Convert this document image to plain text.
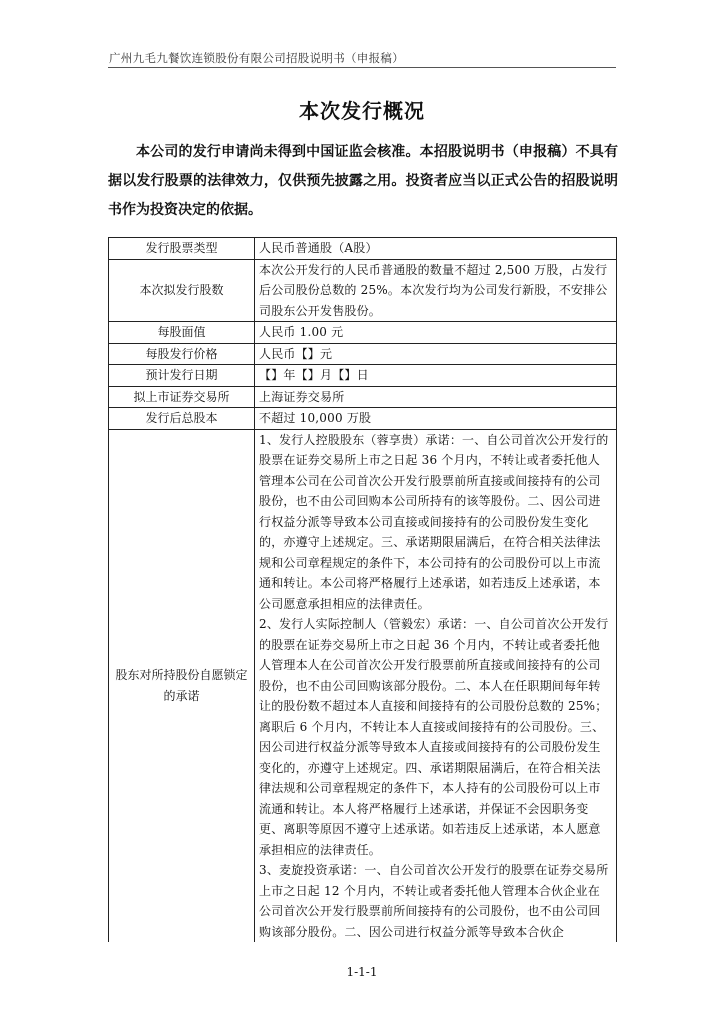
广州九毛九餐饮连锁股份有限公司招股说明书（申报稿）
本次发行概况

本公司的发行申请尚未得到中国证监会核准。本招股说明书（申报稿）不具有据以发行股票的法律效力，仅供预先披露之用。投资者应当以正式公告的招股说明书作为投资决定的依据。

发行股票类型	人民币普通股（A股）
本次拟发行股数	本次公开发行的人民币普通股的数量不超过 2,500 万股，占发行后公司股份总数的 25%。本次发行均为公司发行新股，不安排公司股东公开发售股份。
每股面值	人民币 1.00 元
每股发行价格	人民币【】元
预计发行日期	【】年【】月【】日
拟上市证券交易所	上海证券交易所
发行后总股本	不超过 10,000 万股
股东对所持股份自愿锁定的承诺	1、发行人控股股东（蓉享贵）承诺：一、自公司首次公开发行的股票在证券交易所上市之日起 36 个月内，不转让或者委托他人管理本公司在公司首次公开发行股票前所直接或间接持有的公司股份，也不由公司回购本公司所持有的该等股份。二、因公司进行权益分派等导致本公司直接或间接持有的公司股份发生变化的，亦遵守上述规定。三、承诺期限届满后，在符合相关法律法规和公司章程规定的条件下，本公司持有的公司股份可以上市流通和转让。本公司将严格履行上述承诺，如若违反上述承诺，本公司愿意承担相应的法律责任。
2、发行人实际控制人（管毅宏）承诺：一、自公司首次公开发行的股票在证券交易所上市之日起 36 个月内，不转让或者委托他人管理本人在公司首次公开发行股票前所直接或间接持有的公司股份，也不由公司回购该部分股份。二、本人在任职期间每年转让的股份数不超过本人直接和间接持有的公司股份总数的 25%；离职后 6 个月内，不转让本人直接或间接持有的公司股份。三、因公司进行权益分派等导致本人直接或间接持有的公司股份发生变化的，亦遵守上述规定。四、承诺期限届满后，在符合相关法律法规和公司章程规定的条件下，本人持有的公司股份可以上市流通和转让。本人将严格履行上述承诺，并保证不会因职务变更、离职等原因不遵守上述承诺。如若违反上述承诺，本人愿意承担相应的法律责任。
3、麦旋投资承诺：一、自公司首次公开发行的股票在证券交易所上市之日起 12 个月内，不转让或者委托他人管理本合伙企业在公司首次公开发行股票前所间接持有的公司股份，也不由公司回购该部分股份。二、因公司进行权益分派等导致本合伙企
1-1-1
